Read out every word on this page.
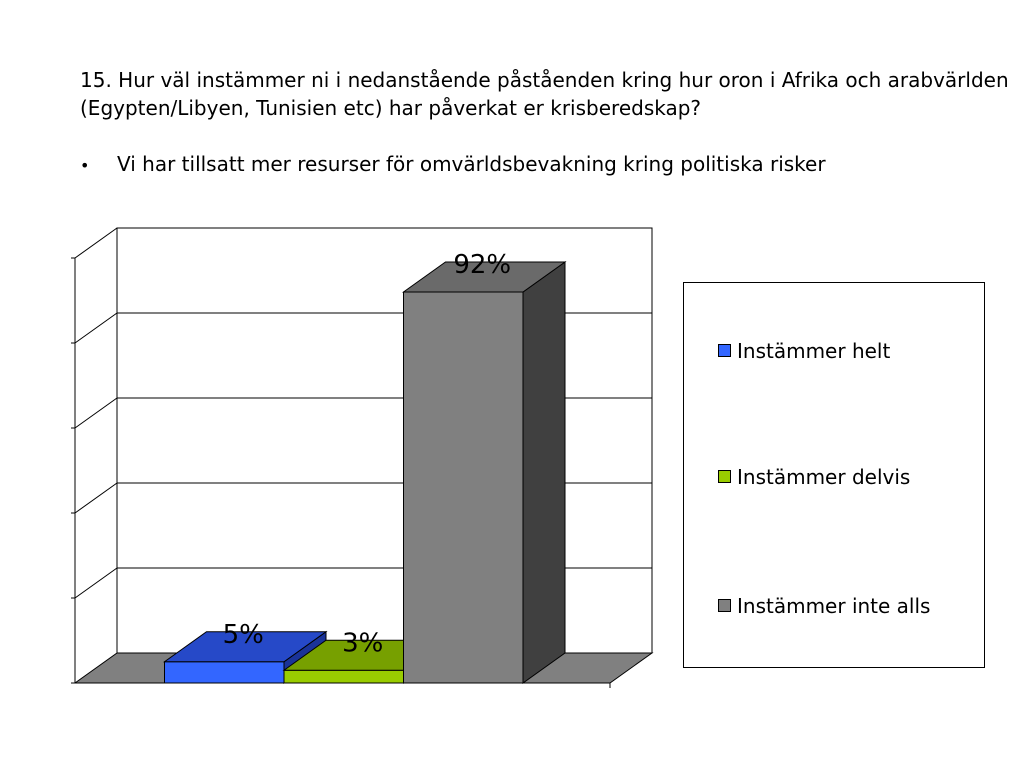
15. Hur väl instämmer ni i nedanstående påståenden kring hur oron i Afrika och arabvärlden (Egypten/Libyen, Tunisien etc) har påverkat er krisberedskap?
• Vi har tillsatt mer resurser för omvärldsbevakning kring politiska risker
5%	3%
92%
Instämmer helt
Instämmer delvis
Instämmer inte alls
